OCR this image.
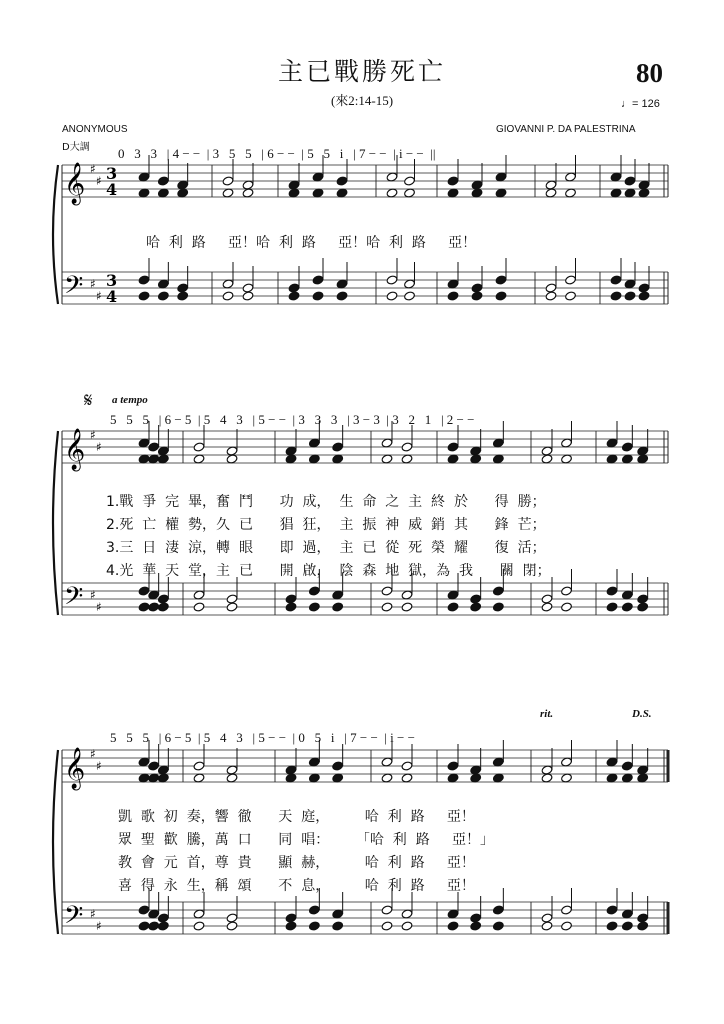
主已戰勝死亡	80
(來2:14-15)	♩= 126
ANONYMOUS
D大調
GIOVANNI P. DA PALESTRINA
0   3   3   | 4 − −  | 3   5   5   | 6 − −  | 5   5   i   | 7 − −  | i − −  ||
哈  利  路     亞！哈  利  路     亞！哈  利  路     亞！
𝄋 a tempo
5   5   5   | 6 − 5  | 5   4   3   | 5 − −  | 3   3   3   | 3 − 3  | 3   2   1   | 2 − −
1.戰  爭  完  畢，奮  鬥      功  成，  生  命  之  主  終  於      得  勝；
2.死  亡  權  勢，久  已      猖  狂，  主  振  神  威  銷  其      鋒  芒；
3.三  日  淒  涼，轉  眼      即  過，  主  已  從  死  榮  耀      復  活；
4.光  華  天  堂，主  已      開  啟，  陰  森  地  獄，為  我      關  閉；
rit.	D.S.
5   5   5   | 6 − 5  | 5   4   3   | 5 − −  | 0   5   i   | 7 − −  | i − −
凱  歌  初  奏，響  徹      天  庭，        哈  利  路     亞！
眾  聖  歡  騰，萬  口      同  唱：      「哈  利  路     亞！」
教  會  元  首，尊  貴      顯  赫，        哈  利  路     亞！
喜  得  永  生，稱  頌      不  息，        哈  利  路     亞！
𝄞
𝄢
♯
♯
♯
♯
3
4
3
4
𝄞
𝄢
♯
♯
♯
♯
𝄞
𝄢
♯
♯
♯
♯
